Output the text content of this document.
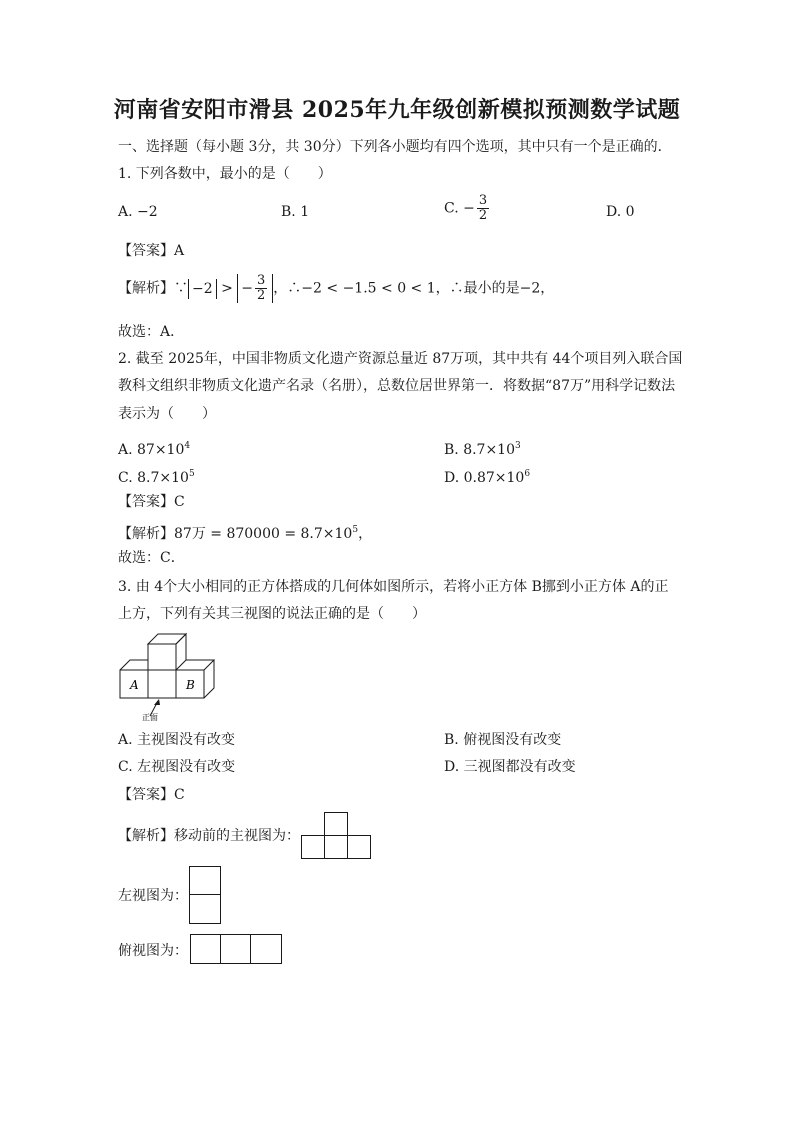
河南省安阳市滑县 2025年九年级创新模拟预测数学试题
一、选择题（每小题 3分，共 30分）下列各小题均有四个选项，其中只有一个是正确的．
1. 下列各数中，最小的是（　　）
A. −2	B. 1	C. − $\frac{3}{2}$	D. 0
【答案】A
【解析】∵ −2 > − $\frac{3}{2}$ ，∴−2 < −1.5 < 0 < 1，∴最小的是−2，
故选：A．
2. 截至 2025年，中国非物质文化遗产资源总量近 87万项，其中共有 44个项目列入联合国
教科文组织非物质文化遗产名录（名册），总数位居世界第一．将数据“87万”用科学记数法
表示为（　　）
A. $87\times 10^4$	B. $8.7\times 10^3$
C. $8.7\times 10^5$	D. $0.87\times 10^6$
【答案】C
【解析】87万 = $870000 = 8.7\times 10^5$，
故选：C．
3. 由 4个大小相同的正方体搭成的几何体如图所示，若将小正方体 B挪到小正方体 A的正
上方，下列有关其三视图的说法正确的是（　　）
A	B
正面
A. 主视图没有改变	B. 俯视图没有改变
C. 左视图没有改变	D. 三视图都没有改变
【答案】C
【解析】移动前的主视图为：
左视图为：
俯视图为：
